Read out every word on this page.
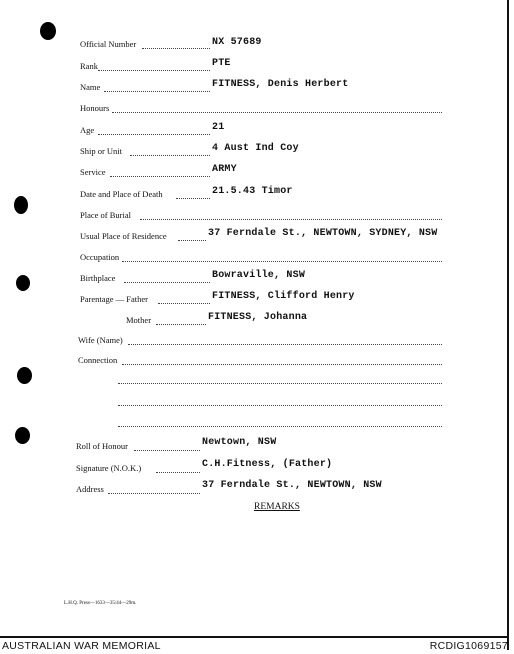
Official Number	NX 57689
Rank	PTE
Name	FITNESS, Denis Herbert
Honours
Age	21
Ship or Unit	4 Aust Ind Coy
Service	ARMY
Date and Place of Death	21.5.43 Timor
Place of Burial
Usual Place of Residence	37 Ferndale St., NEWTOWN, SYDNEY, NSW
Occupation
Birthplace	Bowraville, NSW
Parentage — Father	FITNESS, Clifford Henry
Mother	FITNESS, Johanna
Wife (Name)
Connection
Roll of Honour	Newtown, NSW
Signature (N.O.K.)	C.H.Fitness, (Father)
Address	37 Ferndale St., NEWTOWN, NSW
REMARKS
L.H.Q. Press—1633—35/44—29m.
AUSTRALIAN WAR MEMORIAL	RCDIG1069157
